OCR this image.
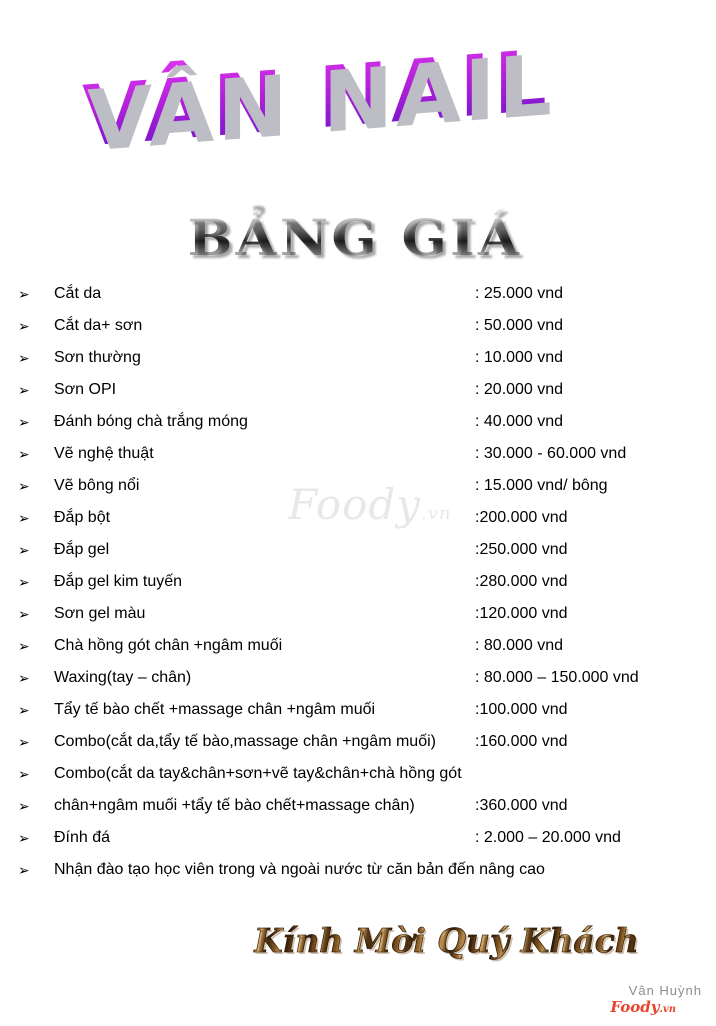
VÂN NAIL
BẢNG GIÁ
Foody.vn
➢ Cắt da	: 25.000 vnd
➢ Cắt da+ sơn	: 50.000 vnd
➢ Sơn thường	: 10.000 vnd
➢ Sơn OPI	: 20.000 vnd
➢ Đánh bóng chà trắng móng	: 40.000 vnd
➢ Vẽ nghệ thuật	: 30.000 - 60.000 vnd
➢ Vẽ bông nổi	: 15.000 vnd/ bông
➢ Đắp bột	:200.000 vnd
➢ Đắp gel	:250.000 vnd
➢ Đắp gel kim tuyến	:280.000 vnd
➢ Sơn gel màu	:120.000 vnd
➢ Chà hồng gót chân +ngâm muối	: 80.000 vnd
➢ Waxing(tay – chân)	: 80.000 – 150.000 vnd
➢ Tẩy tế bào chết +massage chân +ngâm muối	:100.000 vnd
➢ Combo(cắt da,tẩy tế bào,massage chân +ngâm muối) :160.000 vnd
➢ Combo(cắt da tay&chân+sơn+vẽ tay&chân+chà hồng gót
➢ chân+ngâm muối +tẩy tế bào chết+massage chân)	:360.000 vnd
➢ Đính đá	: 2.000 – 20.000 vnd
➢ Nhận đào tạo học viên trong và ngoài nước từ căn bản đến nâng cao
Kính Mời Quý Khách
Vân Huỳnh
Foody.vn
